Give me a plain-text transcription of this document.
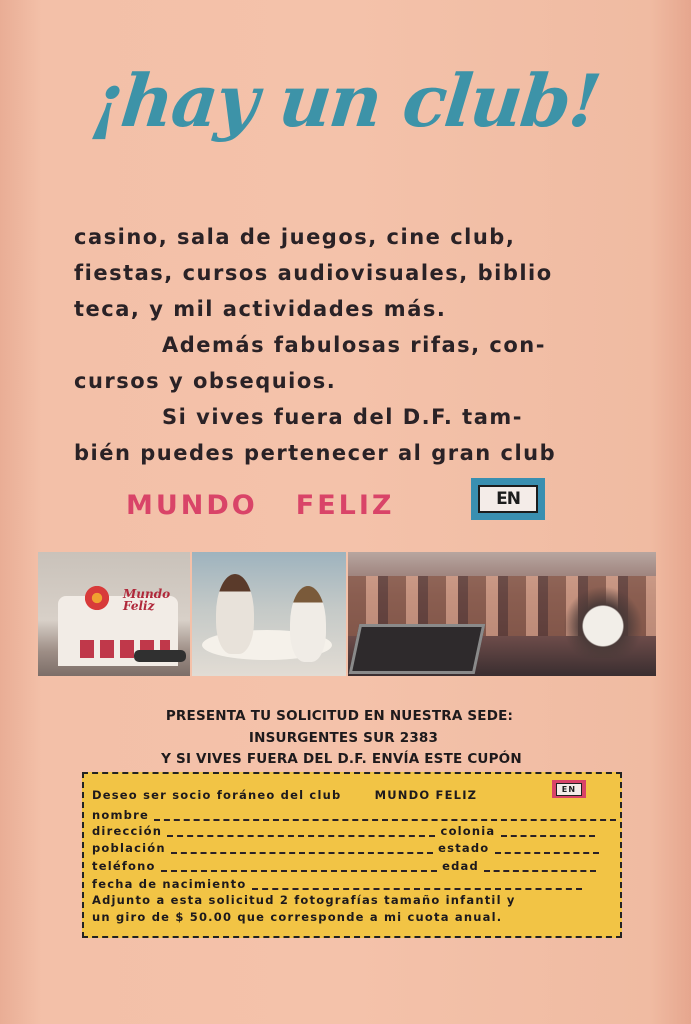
¡hay un club!

casino, sala de juegos, cine club,

fiestas, cursos audiovisuales, biblio

teca, y mil actividades más.

Además fabulosas rifas, con-

cursos y obsequios.

Si vives fuera del D.F. tam-

bién puedes pertenecer al gran club

MUNDO FELIZ	EN
Mundo Feliz
PRESENTA TU SOLICITUD EN NUESTRA SEDE:
INSURGENTES SUR 2383
Y SI VIVES FUERA DEL D.F. ENVÍA ESTE CUPÓN
Deseo ser socio foráneo del club	MUNDO FELIZ	EN
nombre
dirección	colonia
población	estado
teléfono	edad
fecha de nacimiento
Adjunto a esta solicitud 2 fotografías tamaño infantil y
un giro de $ 50.00 que corresponde a mi cuota anual.
